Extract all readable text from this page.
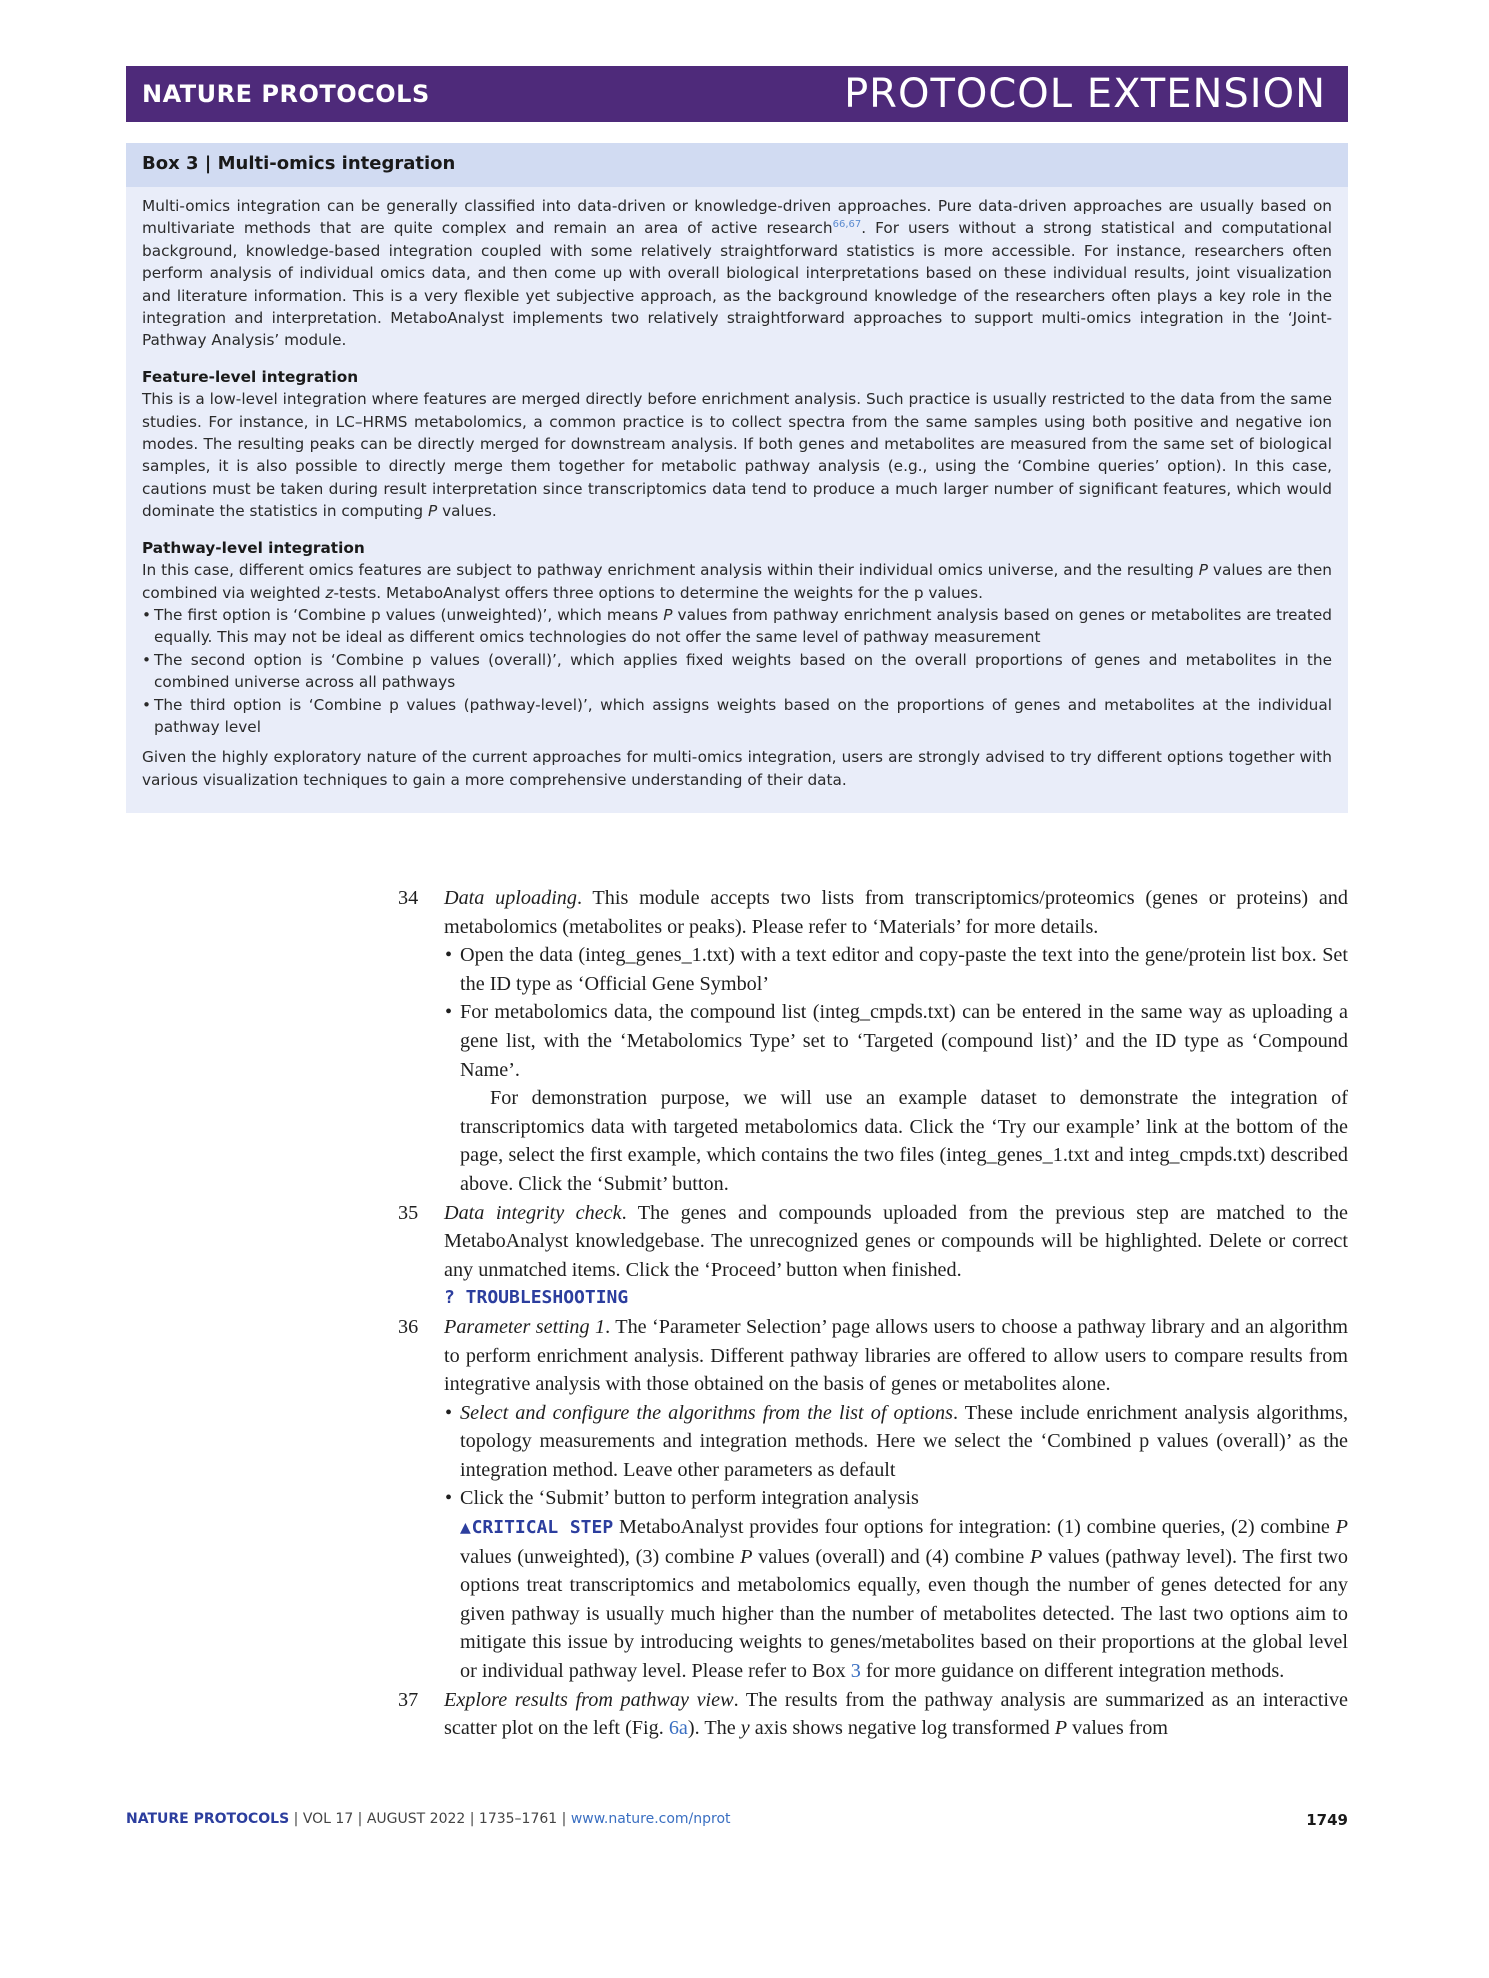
NATURE PROTOCOLS	PROTOCOL EXTENSION
Box 3 | Multi-omics integration

Multi-omics integration can be generally classified into data-driven or knowledge-driven approaches. Pure data-driven approaches are usually based on multivariate methods that are quite complex and remain an area of active research$^{66,67}$. For users without a strong statistical and computational background, knowledge-based integration coupled with some relatively straightforward statistics is more accessible. For instance, researchers often perform analysis of individual omics data, and then come up with overall biological interpretations based on these individual results, joint visualization and literature information. This is a very flexible yet subjective approach, as the background knowledge of the researchers often plays a key role in the integration and interpretation. MetaboAnalyst implements two relatively straightforward approaches to support multi-omics integration in the ‘Joint-Pathway Analysis’ module.

Feature-level integration

This is a low-level integration where features are merged directly before enrichment analysis. Such practice is usually restricted to the data from the same studies. For instance, in LC–HRMS metabolomics, a common practice is to collect spectra from the same samples using both positive and negative ion modes. The resulting peaks can be directly merged for downstream analysis. If both genes and metabolites are measured from the same set of biological samples, it is also possible to directly merge them together for metabolic pathway analysis (e.g., using the ‘Combine queries’ option). In this case, cautions must be taken during result interpretation since transcriptomics data tend to produce a much larger number of significant features, which would dominate the statistics in computing P values.

Pathway-level integration

In this case, different omics features are subject to pathway enrichment analysis within their individual omics universe, and the resulting P values are then combined via weighted z-tests. MetaboAnalyst offers three options to determine the weights for the p values.

• The first option is ‘Combine p values (unweighted)’, which means P values from pathway enrichment analysis based on genes or metabolites are treated equally. This may not be ideal as different omics technologies do not offer the same level of pathway measurement
• The second option is ‘Combine p values (overall)’, which applies fixed weights based on the overall proportions of genes and metabolites in the combined universe across all pathways
• The third option is ‘Combine p values (pathway-level)’, which assigns weights based on the proportions of genes and metabolites at the individual pathway level

Given the highly exploratory nature of the current approaches for multi-omics integration, users are strongly advised to try different options together with various visualization techniques to gain a more comprehensive understanding of their data.

34 Data uploading. This module accepts two lists from transcriptomics/proteomics (genes or proteins) and metabolomics (metabolites or peaks). Please refer to ‘Materials’ for more details.

• Open the data (integ_genes_1.txt) with a text editor and copy-paste the text into the gene/protein list box. Set the ID type as ‘Official Gene Symbol’
• For metabolomics data, the compound list (integ_cmpds.txt) can be entered in the same way as uploading a gene list, with the ‘Metabolomics Type’ set to ‘Targeted (compound list)’ and the ID type as ‘Compound Name’.

For demonstration purpose, we will use an example dataset to demonstrate the integration of transcriptomics data with targeted metabolomics data. Click the ‘Try our example’ link at the bottom of the page, select the first example, which contains the two files (integ_genes_1.txt and integ_cmpds.txt) described above. Click the ‘Submit’ button.

35 Data integrity check. The genes and compounds uploaded from the previous step are matched to the MetaboAnalyst knowledgebase. The unrecognized genes or compounds will be highlighted. Delete or correct any unmatched items. Click the ‘Proceed’ button when finished.

? TROUBLESHOOTING
36 Parameter setting 1. The ‘Parameter Selection’ page allows users to choose a pathway library and an algorithm to perform enrichment analysis. Different pathway libraries are offered to allow users to compare results from integrative analysis with those obtained on the basis of genes or metabolites alone.

• Select and configure the algorithms from the list of options. These include enrichment analysis algorithms, topology measurements and integration methods. Here we select the ‘Combined p values (overall)’ as the integration method. Leave other parameters as default
• Click the ‘Submit’ button to perform integration analysis
▲CRITICAL STEP MetaboAnalyst provides four options for integration: (1) combine queries, (2) combine P values (unweighted), (3) combine P values (overall) and (4) combine P values (pathway level). The first two options treat transcriptomics and metabolomics equally, even though the number of genes detected for any given pathway is usually much higher than the number of metabolites detected. The last two options aim to mitigate this issue by introducing weights to genes/metabolites based on their proportions at the global level or individual pathway level. Please refer to Box 3 for more guidance on different integration methods.
37 Explore results from pathway view. The results from the pathway analysis are summarized as an interactive scatter plot on the left (Fig. 6a). The y axis shows negative log transformed P values from

NATURE PROTOCOLS | VOL 17 | AUGUST 2022 | 1735–1761 | www.nature.com/nprot	1749
